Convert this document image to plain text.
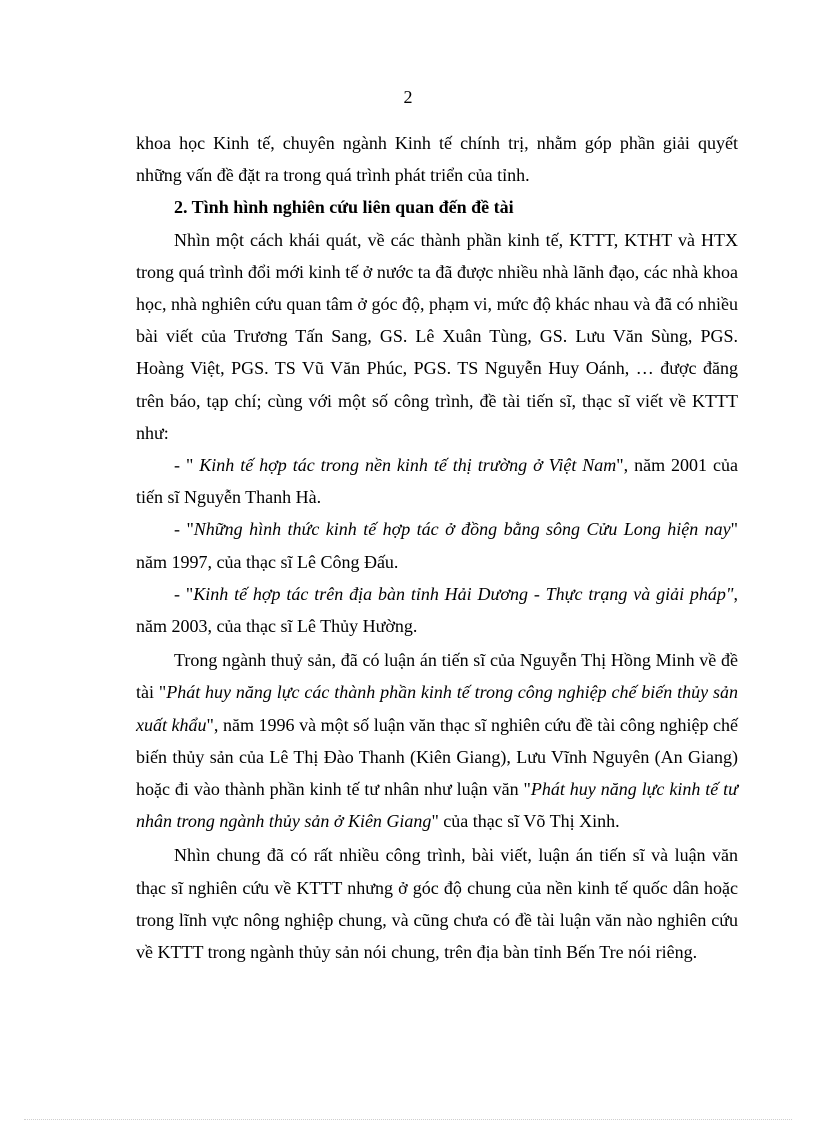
2

khoa học Kinh tế, chuyên ngành Kinh tế chính trị, nhằm góp phần giải quyết những vấn đề đặt ra trong quá trình phát triển của tỉnh.

2. Tình hình nghiên cứu liên quan đến đề tài

Nhìn một cách khái quát, về các thành phần kinh tế, KTTT, KTHT và HTX trong quá trình đổi mới kinh tế ở nước ta đã được nhiều nhà lãnh đạo, các nhà khoa học, nhà nghiên cứu quan tâm ở góc độ, phạm vi, mức độ khác nhau và đã có nhiều bài viết của Trương Tấn Sang, GS. Lê Xuân Tùng, GS. Lưu Văn Sùng, PGS. Hoàng Việt, PGS. TS Vũ Văn Phúc, PGS. TS Nguyễn Huy Oánh, … được đăng trên báo, tạp chí; cùng với một số công trình, đề tài tiến sĩ, thạc sĩ viết về KTTT như:

- " Kinh tế hợp tác trong nền kinh tế thị trường ở Việt Nam", năm 2001 của tiến sĩ Nguyễn Thanh Hà.

- "Những hình thức kinh tế hợp tác ở đồng bằng sông Cửu Long hiện nay" năm 1997, của thạc sĩ Lê Công Đấu.

- "Kinh tế hợp tác trên địa bàn tỉnh Hải Dương - Thực trạng và giải pháp", năm 2003, của thạc sĩ Lê Thủy Hường.

Trong ngành thuỷ sản, đã có luận án tiến sĩ của Nguyễn Thị Hồng Minh về đề tài "Phát huy năng lực các thành phần kinh tế trong công nghiệp chế biến thủy sản xuất khẩu", năm 1996 và một số luận văn thạc sĩ nghiên cứu đề tài công nghiệp chế biến thủy sản của Lê Thị Đào Thanh (Kiên Giang), Lưu Vĩnh Nguyên (An Giang) hoặc đi vào thành phần kinh tế tư nhân như luận văn "Phát huy năng lực kinh tế tư nhân trong ngành thủy sản ở Kiên Giang" của thạc sĩ Võ Thị Xinh.

Nhìn chung đã có rất nhiều công trình, bài viết, luận án tiến sĩ và luận văn thạc sĩ nghiên cứu về KTTT nhưng ở góc độ chung của nền kinh tế quốc dân hoặc trong lĩnh vực nông nghiệp chung, và cũng chưa có đề tài luận văn nào nghiên cứu về KTTT trong ngành thủy sản nói chung, trên địa bàn tỉnh Bến Tre nói riêng.
